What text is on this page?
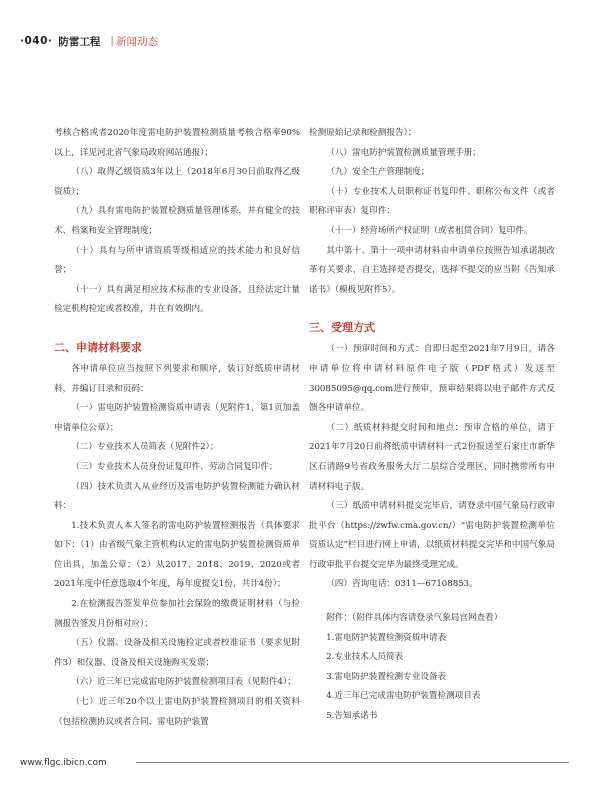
·040· 防雷工程 | 新闻动态

考核合格或者2020年度雷电防护装置检测质量考核合格率90%以上，详见河北省气象局政府网站通报）；

（八）取得乙级资质3年以上（2018年6月30日前取得乙级资质）；

（九）具有雷电防护装置检测质量管理体系，并有健全的技术、档案和安全管理制度；

（十）具有与所申请资质等级相适应的技术能力和良好信誉；

（十一）具有满足相应技术标准的专业设备，且经法定计量检定机构检定或者校准，并在有效期内。

二、申请材料要求

各申请单位应当按照下列要求和顺序，装订好纸质申请材料，并编订目录和页码：

（一）雷电防护装置检测资质申请表（见附件1，第1页加盖申请单位公章）；

（二）专业技术人员简表（见附件2）；

（三）专业技术人员身份证复印件、劳动合同复印件；

（四）技术负责人从业经历及雷电防护装置检测能力确认材料：

1.技术负责人本人签名的雷电防护装置检测报告（具体要求如下：（1）由省级气象主管机构认定的雷电防护装置检测资质单位出具，加盖公章；（2）从2017、2018、2019、2020或者2021年度中任意选取4个年度，每年度提交1份，共计4份）；

2.在检测报告签发单位参加社会保险的缴费证明材料（与检测报告签发月份相对应）；

（五）仪器、设备及相关设施检定或者校准证书（要求见附件3）和仪器、设备及相关设施购买发票；

（六）近三年已完成雷电防护装置检测项目表（见附件4）；

（七）近三年20个以上雷电防护装置检测项目的相关资料（包括检测协议或者合同、雷电防护装置

检测原始记录和检测报告）；

（八）雷电防护装置检测质量管理手册；

（九）安全生产管理制度；

（十）专业技术人员职称证书复印件、职称公布文件（或者职称评审表）复印件；

（十一）经营场所产权证明（或者租赁合同）复印件。

其中第十、第十一项申请材料由申请单位按照告知承诺制改革有关要求，自主选择是否提交，选择不提交的应当附《告知承诺书》（模板见附件5）。

三、受理方式

（一）预审时间和方式：自即日起至2021年7月9日，请各申请单位将申请材料原件电子版（PDF格式）发送至30085095@qq.com进行预审，预审结果将以电子邮件方式反馈各申请单位。

（二）纸质材料提交时间和地点：预审合格的单位，请于2021年7月20日前将纸质申请材料一式2份报送至石家庄市新华区石清路9号省政务服务大厅二层综合受理区，同时携带所有申请材料电子版。

（三）纸质申请材料提交完毕后，请登录中国气象局行政审批平台（https://zwfw.cma.gov.cn/）“雷电防护装置检测单位资质认定”栏目进行网上申请，以纸质材料提交完毕和中国气象局行政审批平台提交完毕为最终受理完成。

（四）咨询电话：0311—67108853。

附件：（附件具体内容请登录气象局官网查看）

1.雷电防护装置检测资质申请表

2.专业技术人员简表

3.雷电防护装置检测专业设备表

4.近三年已完成雷电防护装置检测项目表

5.告知承诺书

www.flgc.ibicn.com
